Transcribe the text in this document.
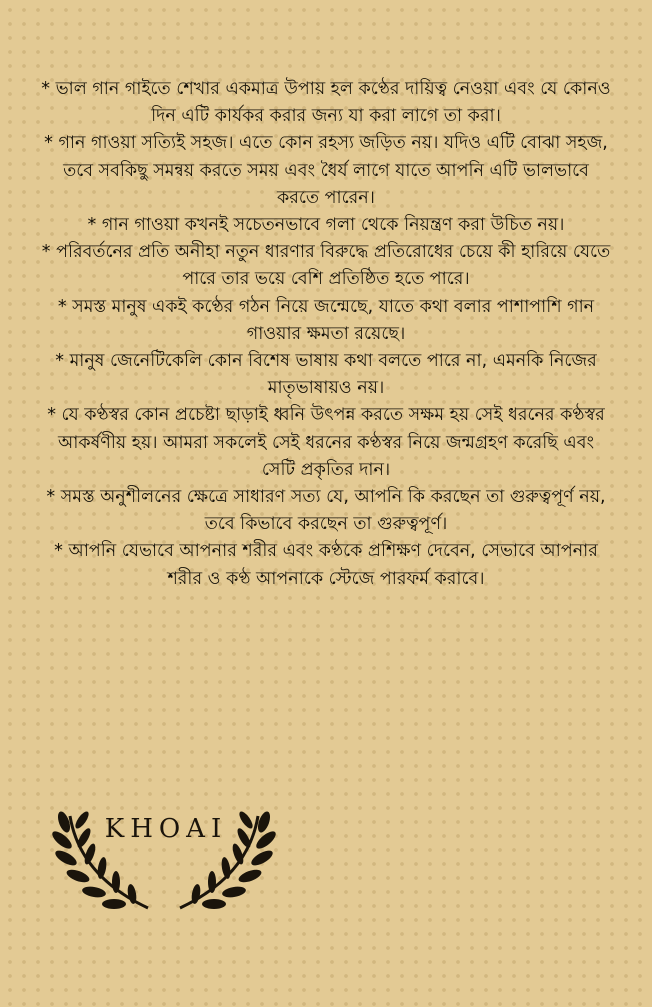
* ভাল গান গাইতে শেখার একমাত্র উপায় হল কণ্ঠের দায়িত্ব নেওয়া এবং যে কোনও দিন এটি কার্যকর করার জন্য যা করা লাগে তা করা।

* গান গাওয়া সত্যিই সহজ। এতে কোন রহস্য জড়িত নয়। যদিও এটি বোঝা সহজ, তবে সবকিছু সমন্বয় করতে সময় এবং ধৈর্য লাগে যাতে আপনি এটি ভালভাবে করতে পারেন।

* গান গাওয়া কখনই সচেতনভাবে গলা থেকে নিয়ন্ত্রণ করা উচিত নয়।

* পরিবর্তনের প্রতি অনীহা নতুন ধারণার বিরুদ্ধে প্রতিরোধের চেয়ে কী হারিয়ে যেতে পারে তার ভয়ে বেশি প্রতিষ্ঠিত হতে পারে।

* সমস্ত মানুষ একই কণ্ঠের গঠন নিয়ে জন্মেছে, যাতে কথা বলার পাশাপাশি গান গাওয়ার ক্ষমতা রয়েছে।

* মানুষ জেনেটিকেলি কোন বিশেষ ভাষায় কথা বলতে পারে না, এমনকি নিজের মাতৃভাষায়ও নয়।

* যে কণ্ঠস্বর কোন প্রচেষ্টা ছাড়াই ধ্বনি উৎপন্ন করতে সক্ষম হয় সেই ধরনের কণ্ঠস্বর আকর্ষণীয় হয়। আমরা সকলেই সেই ধরনের কণ্ঠস্বর নিয়ে জন্মগ্রহণ করেছি এবং সেটি প্রকৃতির দান।

* সমস্ত অনুশীলনের ক্ষেত্রে সাধারণ সত্য যে, আপনি কি করছেন তা গুরুত্বপূর্ণ নয়, তবে কিভাবে করছেন তা গুরুত্বপূর্ণ।

* আপনি যেভাবে আপনার শরীর এবং কণ্ঠকে প্রশিক্ষণ দেবেন, সেভাবে আপনার শরীর ও কণ্ঠ আপনাকে স্টেজে পারফর্ম করাবে।

KHOAI
